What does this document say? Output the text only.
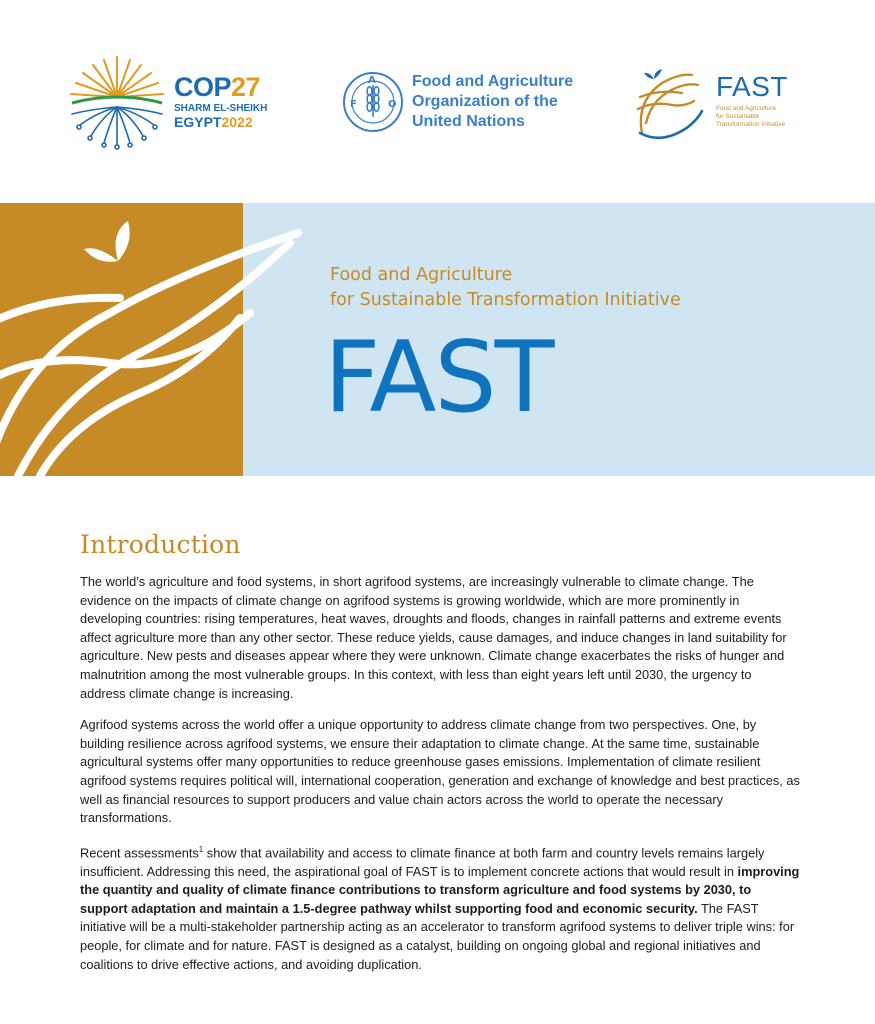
COP27
SHARM EL-SHEIKH
EGYPT2022
F
A
O
Food and Agriculture
Organization of the
United Nations
FAST
Food and Agriculture
for Sustainable
Transformation Initiative
Food and Agriculture
for Sustainable Transformation Initiative
FAST
Introduction

The world’s agriculture and food systems, in short agrifood systems, are increasingly vulnerable to climate change. The evidence on the impacts of climate change on agrifood systems is growing worldwide, which are more prominently in developing countries: rising temperatures, heat waves, droughts and floods, changes in rainfall patterns and extreme events affect agriculture more than any other sector. These reduce yields, cause damages, and induce changes in land suitability for agriculture. New pests and diseases appear where they were unknown. Climate change exacerbates the risks of hunger and malnutrition among the most vulnerable groups. In this context, with less than eight years left until 2030, the urgency to address climate change is increasing.

Agrifood systems across the world offer a unique opportunity to address climate change from two perspectives. One, by building resilience across agrifood systems, we ensure their adaptation to climate change. At the same time, sustainable agricultural systems offer many opportunities to reduce greenhouse gases emissions. Implementation of climate resilient agrifood systems requires political will, international cooperation, generation and exchange of knowledge and best practices, as well as financial resources to support producers and value chain actors across the world to operate the necessary transformations.

Recent assessments$^1$ show that availability and access to climate finance at both farm and country levels remains largely insufficient. Addressing this need, the aspirational goal of FAST is to implement concrete actions that would result in improving the quantity and quality of climate finance contributions to transform agriculture and food systems by 2030, to support adaptation and maintain a 1.5-degree pathway whilst supporting food and economic security. The FAST initiative will be a multi-stakeholder partnership acting as an accelerator to transform agrifood systems to deliver triple wins: for people, for climate and for nature. FAST is designed as a catalyst, building on ongoing global and regional initiatives and coalitions to drive effective actions, and avoiding duplication.
